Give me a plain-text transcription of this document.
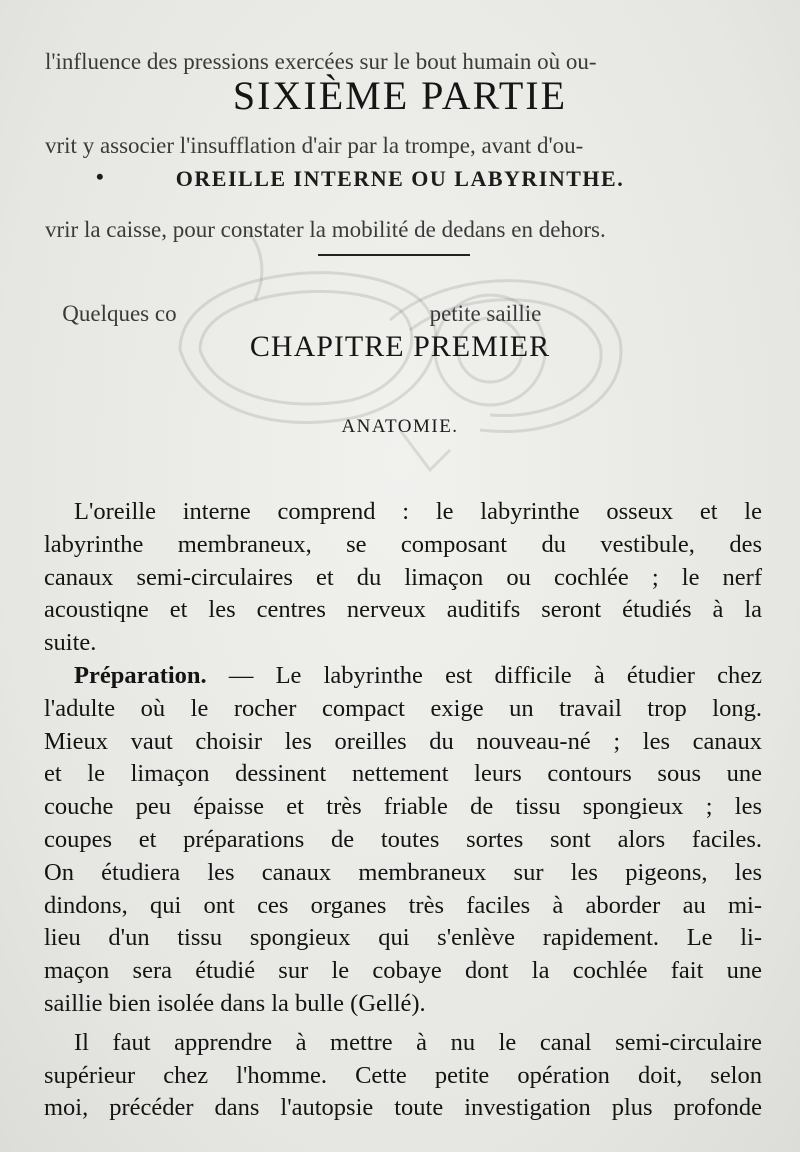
l'influence des pressions exercées sur le bout humain où ou-

vrit y associer l'insufflation d'air par la trompe, avant d'ou-

vrir la caisse, pour constater la mobilité de dedans en dehors.

Quelques co                                            petite saillie

SIXIÈME PARTIE
•	OREILLE INTERNE OU LABYRINTHE.
CHAPITRE PREMIER
ANATOMIE.
L'oreille interne comprend : le labyrinthe osseux et le
labyrinthe membraneux, se composant du vestibule, des
canaux semi-circulaires et du limaçon ou cochlée ; le nerf
acoustiqne et les centres nerveux auditifs seront étudiés à la
suite.
Préparation. — Le labyrinthe est difficile à étudier chez
l'adulte où le rocher compact exige un travail trop long.
Mieux vaut choisir les oreilles du nouveau-né ; les canaux
et le limaçon dessinent nettement leurs contours sous une
couche peu épaisse et très friable de tissu spongieux ; les
coupes et préparations de toutes sortes sont alors faciles.
On étudiera les canaux membraneux sur les pigeons, les
dindons, qui ont ces organes très faciles à aborder au mi-
lieu d'un tissu spongieux qui s'enlève rapidement. Le li-
maçon sera étudié sur le cobaye dont la cochlée fait une
saillie bien isolée dans la bulle (Gellé).
Il faut apprendre à mettre à nu le canal semi-circulaire
supérieur chez l'homme. Cette petite opération doit, selon
moi, précéder dans l'autopsie toute investigation plus profonde
